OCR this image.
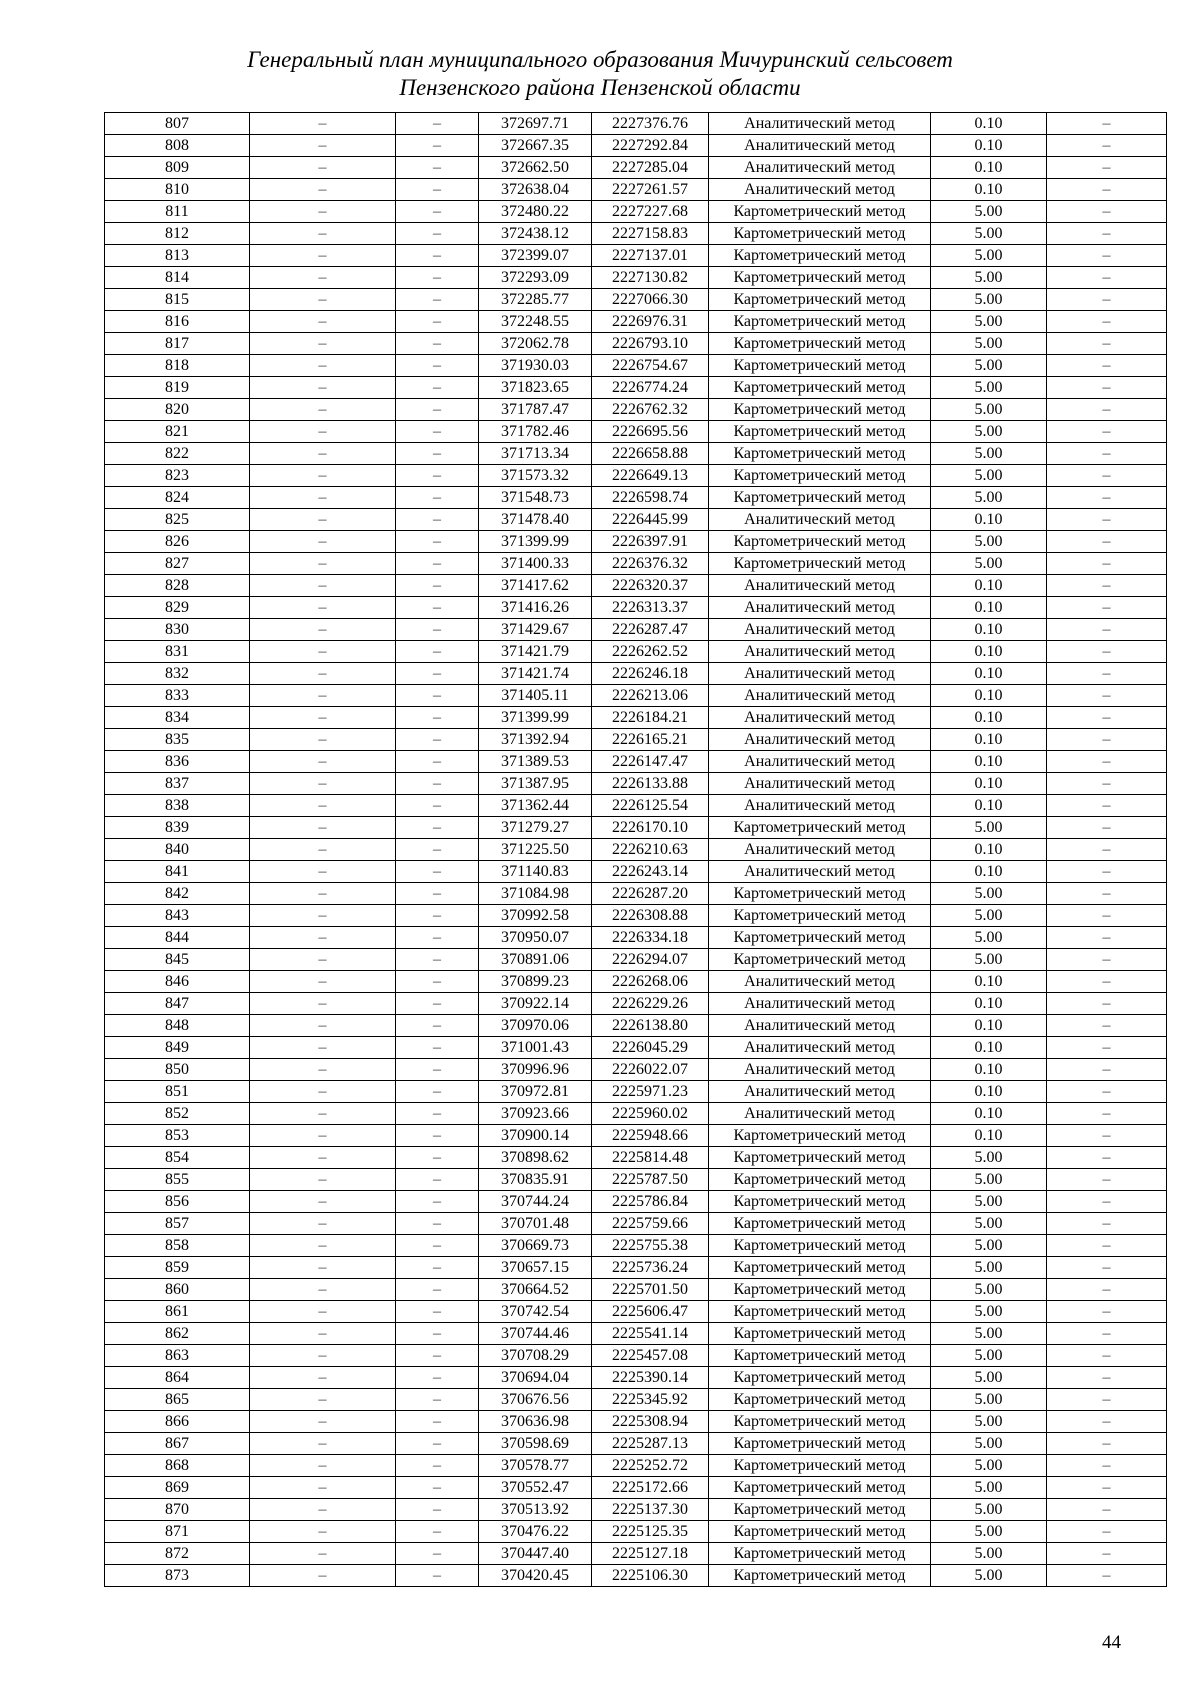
Генеральный план муниципального образования Мичуринский сельсовет
Пензенского района Пензенской области
807	–	–	372697.71	2227376.76	Аналитический метод	0.10	–
808	–	–	372667.35	2227292.84	Аналитический метод	0.10	–
809	–	–	372662.50	2227285.04	Аналитический метод	0.10	–
810	–	–	372638.04	2227261.57	Аналитический метод	0.10	–
811	–	–	372480.22	2227227.68	Картометрический метод	5.00	–
812	–	–	372438.12	2227158.83	Картометрический метод	5.00	–
813	–	–	372399.07	2227137.01	Картометрический метод	5.00	–
814	–	–	372293.09	2227130.82	Картометрический метод	5.00	–
815	–	–	372285.77	2227066.30	Картометрический метод	5.00	–
816	–	–	372248.55	2226976.31	Картометрический метод	5.00	–
817	–	–	372062.78	2226793.10	Картометрический метод	5.00	–
818	–	–	371930.03	2226754.67	Картометрический метод	5.00	–
819	–	–	371823.65	2226774.24	Картометрический метод	5.00	–
820	–	–	371787.47	2226762.32	Картометрический метод	5.00	–
821	–	–	371782.46	2226695.56	Картометрический метод	5.00	–
822	–	–	371713.34	2226658.88	Картометрический метод	5.00	–
823	–	–	371573.32	2226649.13	Картометрический метод	5.00	–
824	–	–	371548.73	2226598.74	Картометрический метод	5.00	–
825	–	–	371478.40	2226445.99	Аналитический метод	0.10	–
826	–	–	371399.99	2226397.91	Картометрический метод	5.00	–
827	–	–	371400.33	2226376.32	Картометрический метод	5.00	–
828	–	–	371417.62	2226320.37	Аналитический метод	0.10	–
829	–	–	371416.26	2226313.37	Аналитический метод	0.10	–
830	–	–	371429.67	2226287.47	Аналитический метод	0.10	–
831	–	–	371421.79	2226262.52	Аналитический метод	0.10	–
832	–	–	371421.74	2226246.18	Аналитический метод	0.10	–
833	–	–	371405.11	2226213.06	Аналитический метод	0.10	–
834	–	–	371399.99	2226184.21	Аналитический метод	0.10	–
835	–	–	371392.94	2226165.21	Аналитический метод	0.10	–
836	–	–	371389.53	2226147.47	Аналитический метод	0.10	–
837	–	–	371387.95	2226133.88	Аналитический метод	0.10	–
838	–	–	371362.44	2226125.54	Аналитический метод	0.10	–
839	–	–	371279.27	2226170.10	Картометрический метод	5.00	–
840	–	–	371225.50	2226210.63	Аналитический метод	0.10	–
841	–	–	371140.83	2226243.14	Аналитический метод	0.10	–
842	–	–	371084.98	2226287.20	Картометрический метод	5.00	–
843	–	–	370992.58	2226308.88	Картометрический метод	5.00	–
844	–	–	370950.07	2226334.18	Картометрический метод	5.00	–
845	–	–	370891.06	2226294.07	Картометрический метод	5.00	–
846	–	–	370899.23	2226268.06	Аналитический метод	0.10	–
847	–	–	370922.14	2226229.26	Аналитический метод	0.10	–
848	–	–	370970.06	2226138.80	Аналитический метод	0.10	–
849	–	–	371001.43	2226045.29	Аналитический метод	0.10	–
850	–	–	370996.96	2226022.07	Аналитический метод	0.10	–
851	–	–	370972.81	2225971.23	Аналитический метод	0.10	–
852	–	–	370923.66	2225960.02	Аналитический метод	0.10	–
853	–	–	370900.14	2225948.66	Картометрический метод	0.10	–
854	–	–	370898.62	2225814.48	Картометрический метод	5.00	–
855	–	–	370835.91	2225787.50	Картометрический метод	5.00	–
856	–	–	370744.24	2225786.84	Картометрический метод	5.00	–
857	–	–	370701.48	2225759.66	Картометрический метод	5.00	–
858	–	–	370669.73	2225755.38	Картометрический метод	5.00	–
859	–	–	370657.15	2225736.24	Картометрический метод	5.00	–
860	–	–	370664.52	2225701.50	Картометрический метод	5.00	–
861	–	–	370742.54	2225606.47	Картометрический метод	5.00	–
862	–	–	370744.46	2225541.14	Картометрический метод	5.00	–
863	–	–	370708.29	2225457.08	Картометрический метод	5.00	–
864	–	–	370694.04	2225390.14	Картометрический метод	5.00	–
865	–	–	370676.56	2225345.92	Картометрический метод	5.00	–
866	–	–	370636.98	2225308.94	Картометрический метод	5.00	–
867	–	–	370598.69	2225287.13	Картометрический метод	5.00	–
868	–	–	370578.77	2225252.72	Картометрический метод	5.00	–
869	–	–	370552.47	2225172.66	Картометрический метод	5.00	–
870	–	–	370513.92	2225137.30	Картометрический метод	5.00	–
871	–	–	370476.22	2225125.35	Картометрический метод	5.00	–
872	–	–	370447.40	2225127.18	Картометрический метод	5.00	–
873	–	–	370420.45	2225106.30	Картометрический метод	5.00	–
44
